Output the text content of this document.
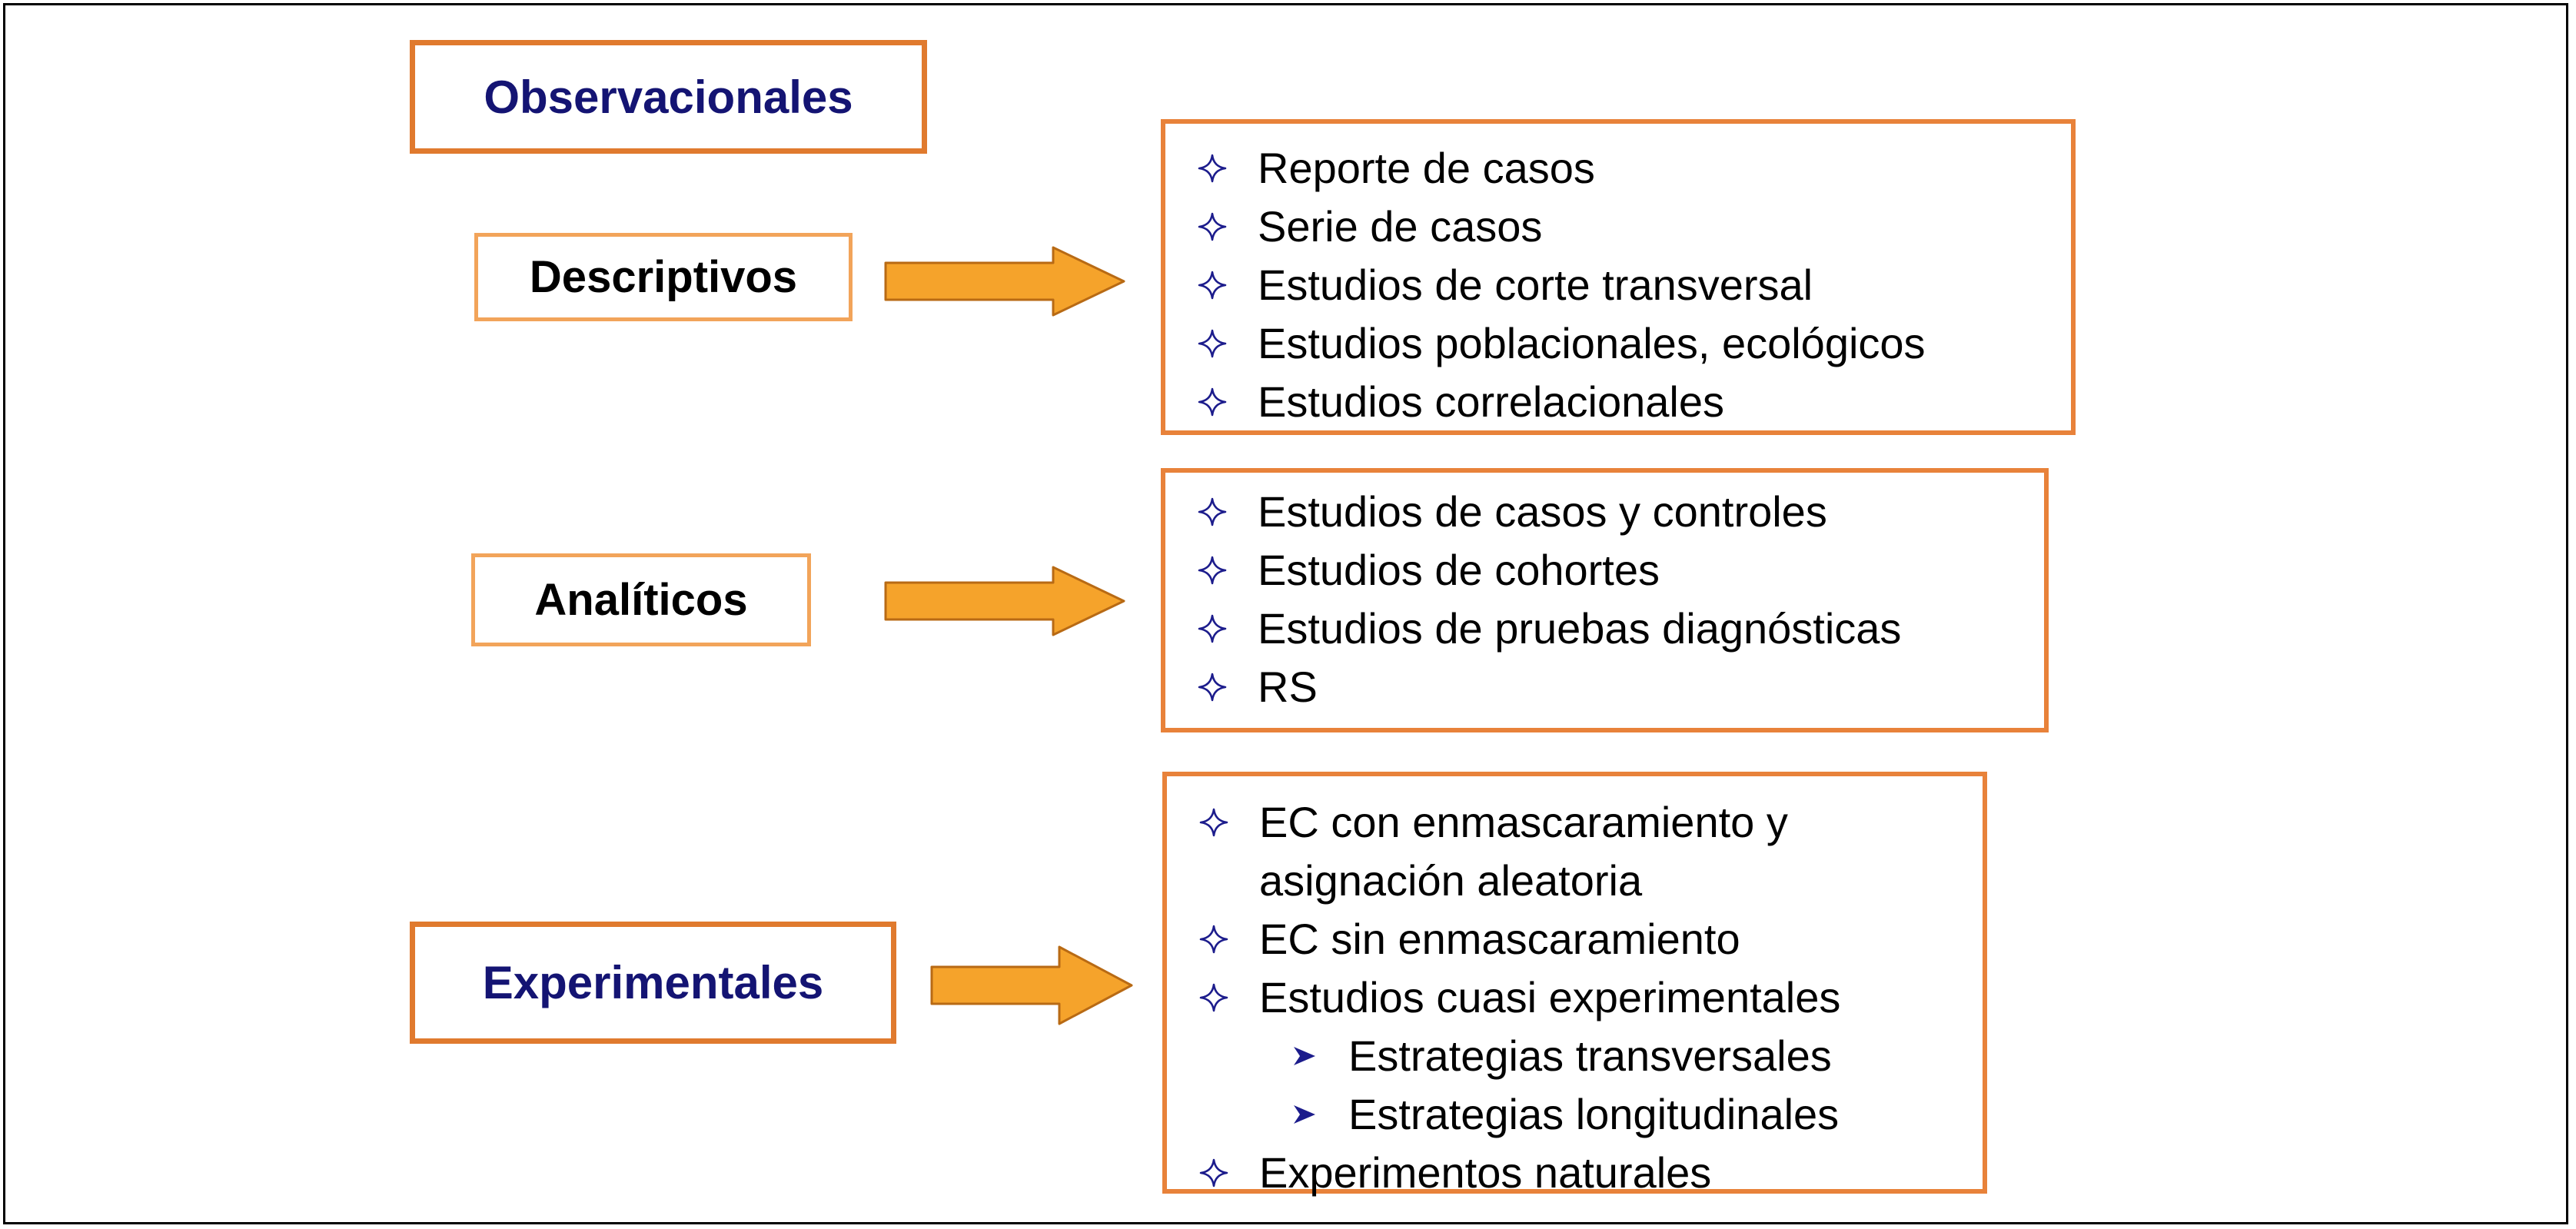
Observacionales
Descriptivos
Reporte de casos
Serie de casos
Estudios de corte transversal
Estudios poblacionales, ecológicos
Estudios correlacionales
Analíticos
Estudios de casos y controles
Estudios de cohortes
Estudios de pruebas diagnósticas
RS
Experimentales
EC con enmascaramiento y
asignación aleatoria
EC sin enmascaramiento
Estudios cuasi experimentales
Estrategias transversales
Estrategias longitudinales
Experimentos naturales
